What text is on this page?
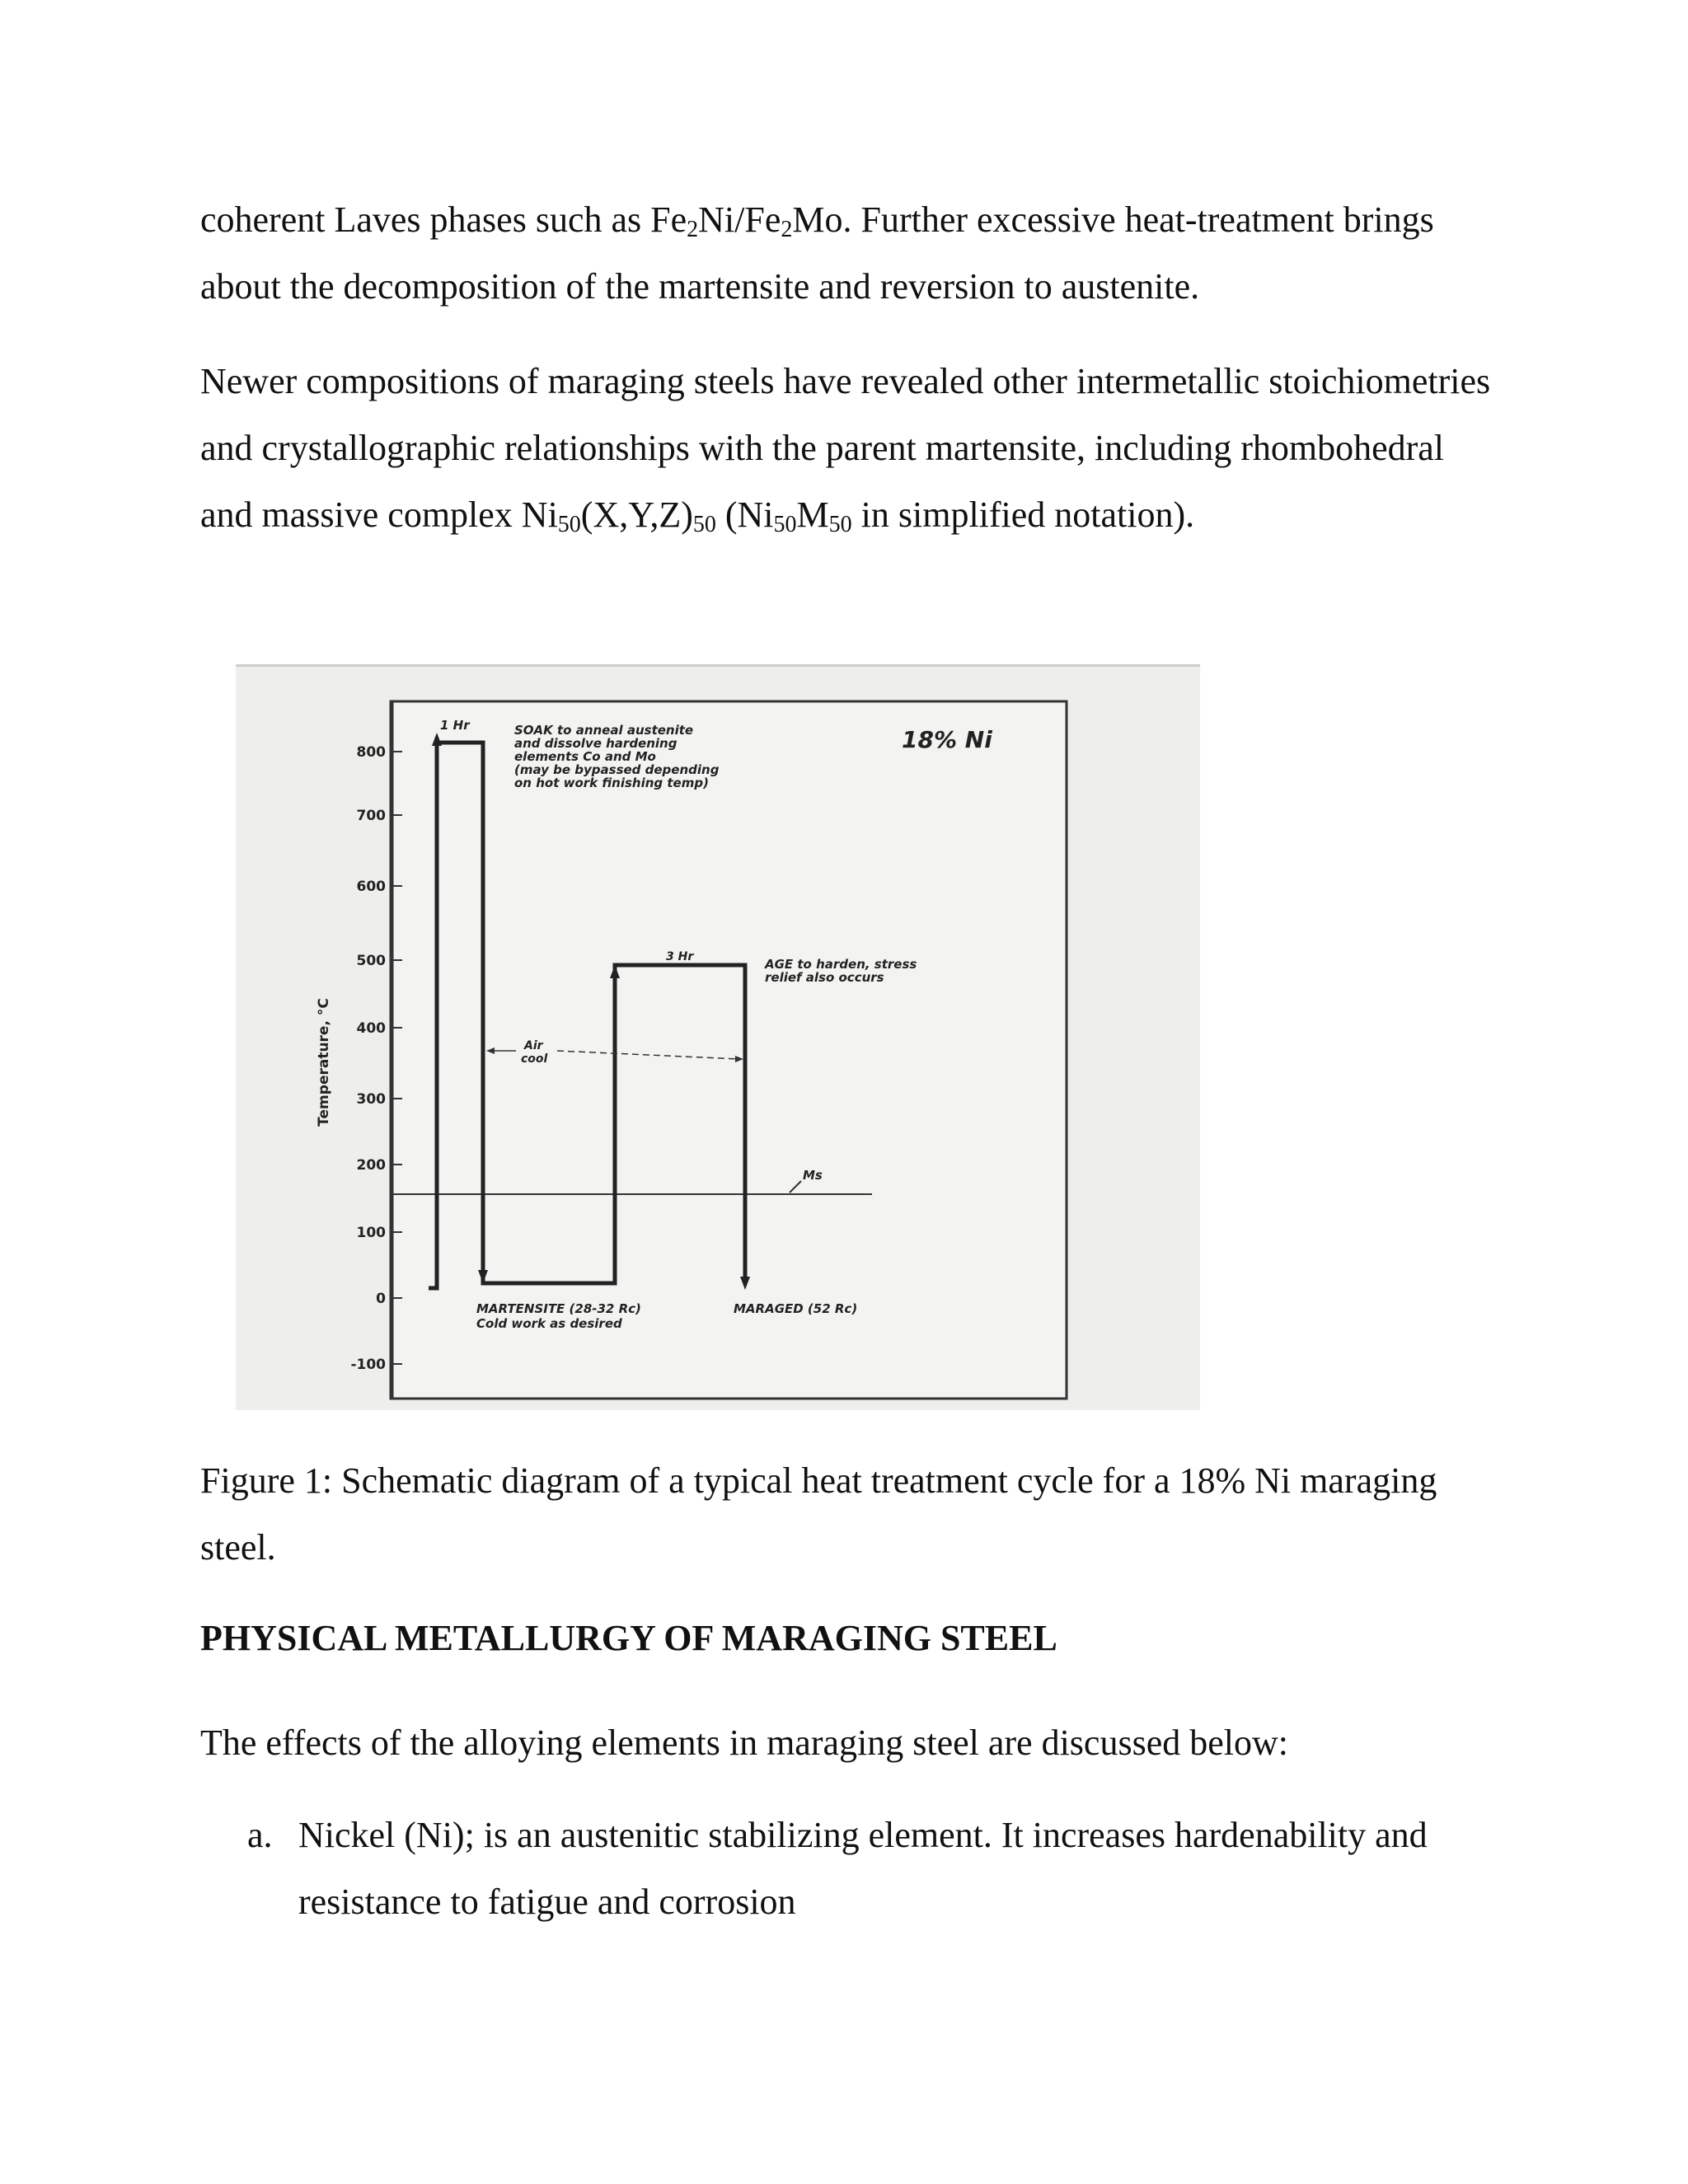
coherent Laves phases such as $Fe_2Ni/Fe_2Mo$. Further excessive heat-treatment brings about the decomposition of the martensite and reversion to austenite.

Newer compositions of maraging steels have revealed other intermetallic stoichiometries and crystallographic relationships with the parent martensite, including rhombohedral and massive complex $Ni_{50}(X,Y,Z)_{50}$ ($Ni_{50}M_{50}$ in simplified notation).

800
700
600
500
400
300
200
100
0
-100
Temperature, °C
1 Hr	SOAK to anneal austenite
and dissolve hardening
elements Co and Mo
(may be bypassed depending
on hot work finishing temp)
18% Ni
3 Hr	AGE to harden, stress
relief also occurs
Air
cool
Ms
MARTENSITE (28-32 Rc)
Cold work as desired
MARAGED (52 Rc)

Figure 1: Schematic diagram of a typical heat treatment cycle for a 18% Ni maraging steel.

PHYSICAL METALLURGY OF MARAGING STEEL

The effects of the alloying elements in maraging steel are discussed below:

a. Nickel (Ni); is an austenitic stabilizing element. It increases hardenability and resistance to fatigue and corrosion
